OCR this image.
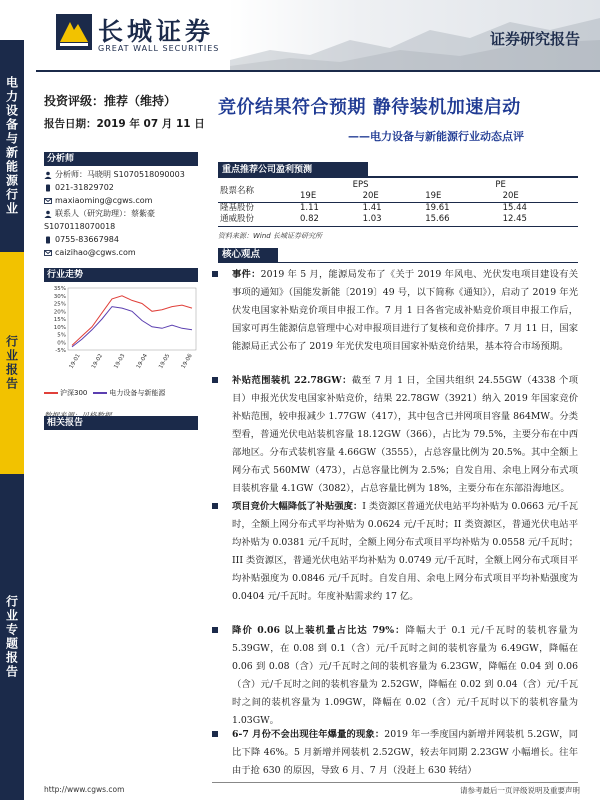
长城证券
GREAT WALL SECURITIES
证券研究报告
电力设备与新能源行业
行业报告
行业专题报告
投资评级：推荐（维持）
报告日期：2019 年 07 月 11 日
分析师
分析师：马晓明 S1070518090003
021-31829702
maxiaoming@cgws.com
联系人（研究助理）：蔡紫豪
S1070118070018
0755-83667984
caizihao@cgws.com
行业走势
35%
30%
25%
20%
15%
10%
5%
0%
-5%
19-01 19-02 19-03 19-04 19-05 19-06
沪深300	电力设备与新能源
相关报告
http://www.cgws.com
竞价结果符合预期 静待装机加速启动
——电力设备与新能源行业动态点评
重点推荐公司盈利预测
股票名称	EPS		PE	
	19E	20E	19E	20E
隆基股份	1.11	1.41	19.61	15.44
通威股份	0.82	1.03	15.66	12.45
资料来源：Wind 长城证券研究所
核心观点
事件：2019 年 5 月，能源局发布了《关于 2019 年风电、光伏发电项目建设有关事项的通知》（国能发新能〔2019〕49 号，以下简称《通知》），启动了 2019 年光伏发电国家补贴竞价项目申报工作。7 月 1 日各省完成补贴竞价项目申报工作后，国家可再生能源信息管理中心对申报项目进行了复核和竞价排序。7 月 11 日，国家能源局正式公布了 2019 年光伏发电项目国家补贴竞价结果，基本符合市场预期。
补贴范围装机 22.78GW：截至 7 月 1 日，全国共组织 24.55GW（4338 个项目）申报光伏发电国家补贴竞价，结果 22.78GW（3921）纳入 2019 年国家竞价补贴范围，较申报减少 1.77GW（417），其中包含已并网项目容量 864MW。分类型看，普通光伏电站装机容量 18.12GW（366），占比为 79.5%，主要分布在中西部地区。分布式装机容量 4.66GW（3555），占总容量比例为 20.5%。其中全额上网分布式 560MW（473），占总容量比例为 2.5%；自发自用、余电上网分布式项目装机容量 4.1GW（3082），占总容量比例为 18%，主要分布在东部沿海地区。
项目竞价大幅降低了补贴强度：I 类资源区普通光伏电站平均补贴为 0.0663 元/千瓦时，全额上网分布式平均补贴为 0.0624 元/千瓦时；II 类资源区，普通光伏电站平均补贴为 0.0381 元/千瓦时，全额上网分布式项目平均补贴为 0.0558 元/千瓦时；III 类资源区，普通光伏电站平均补贴为 0.0749 元/千瓦时，全额上网分布式项目平均补贴强度为 0.0846 元/千瓦时。自发自用、余电上网分布式项目平均补贴强度为 0.0404 元/千瓦时。年度补贴需求约 17 亿。
降价 0.06 以上装机量占比达 79%：降幅大于 0.1 元/千瓦时的装机容量为 5.39GW，在 0.08 到 0.1（含）元/千瓦时之间的装机容量为 6.49GW，降幅在 0.06 到 0.08（含）元/千瓦时之间的装机容量为 6.23GW，降幅在 0.04 到 0.06（含）元/千瓦时之间的装机容量为 2.52GW，降幅在 0.02 到 0.04（含）元/千瓦时之间的装机容量为 1.09GW，降幅在 0.02（含）元/千瓦时以下的装机容量为 1.03GW。
6-7 月份不会出现往年爆量的现象：2019 年一季度国内新增并网装机 5.2GW，同比下降 46%。5 月新增并网装机 2.52GW，较去年同期 2.23GW 小幅增长。往年由于抢 630 的原因，导致 6 月、7 月（没赶上 630 转结）
请参考最后一页评级说明及重要声明
